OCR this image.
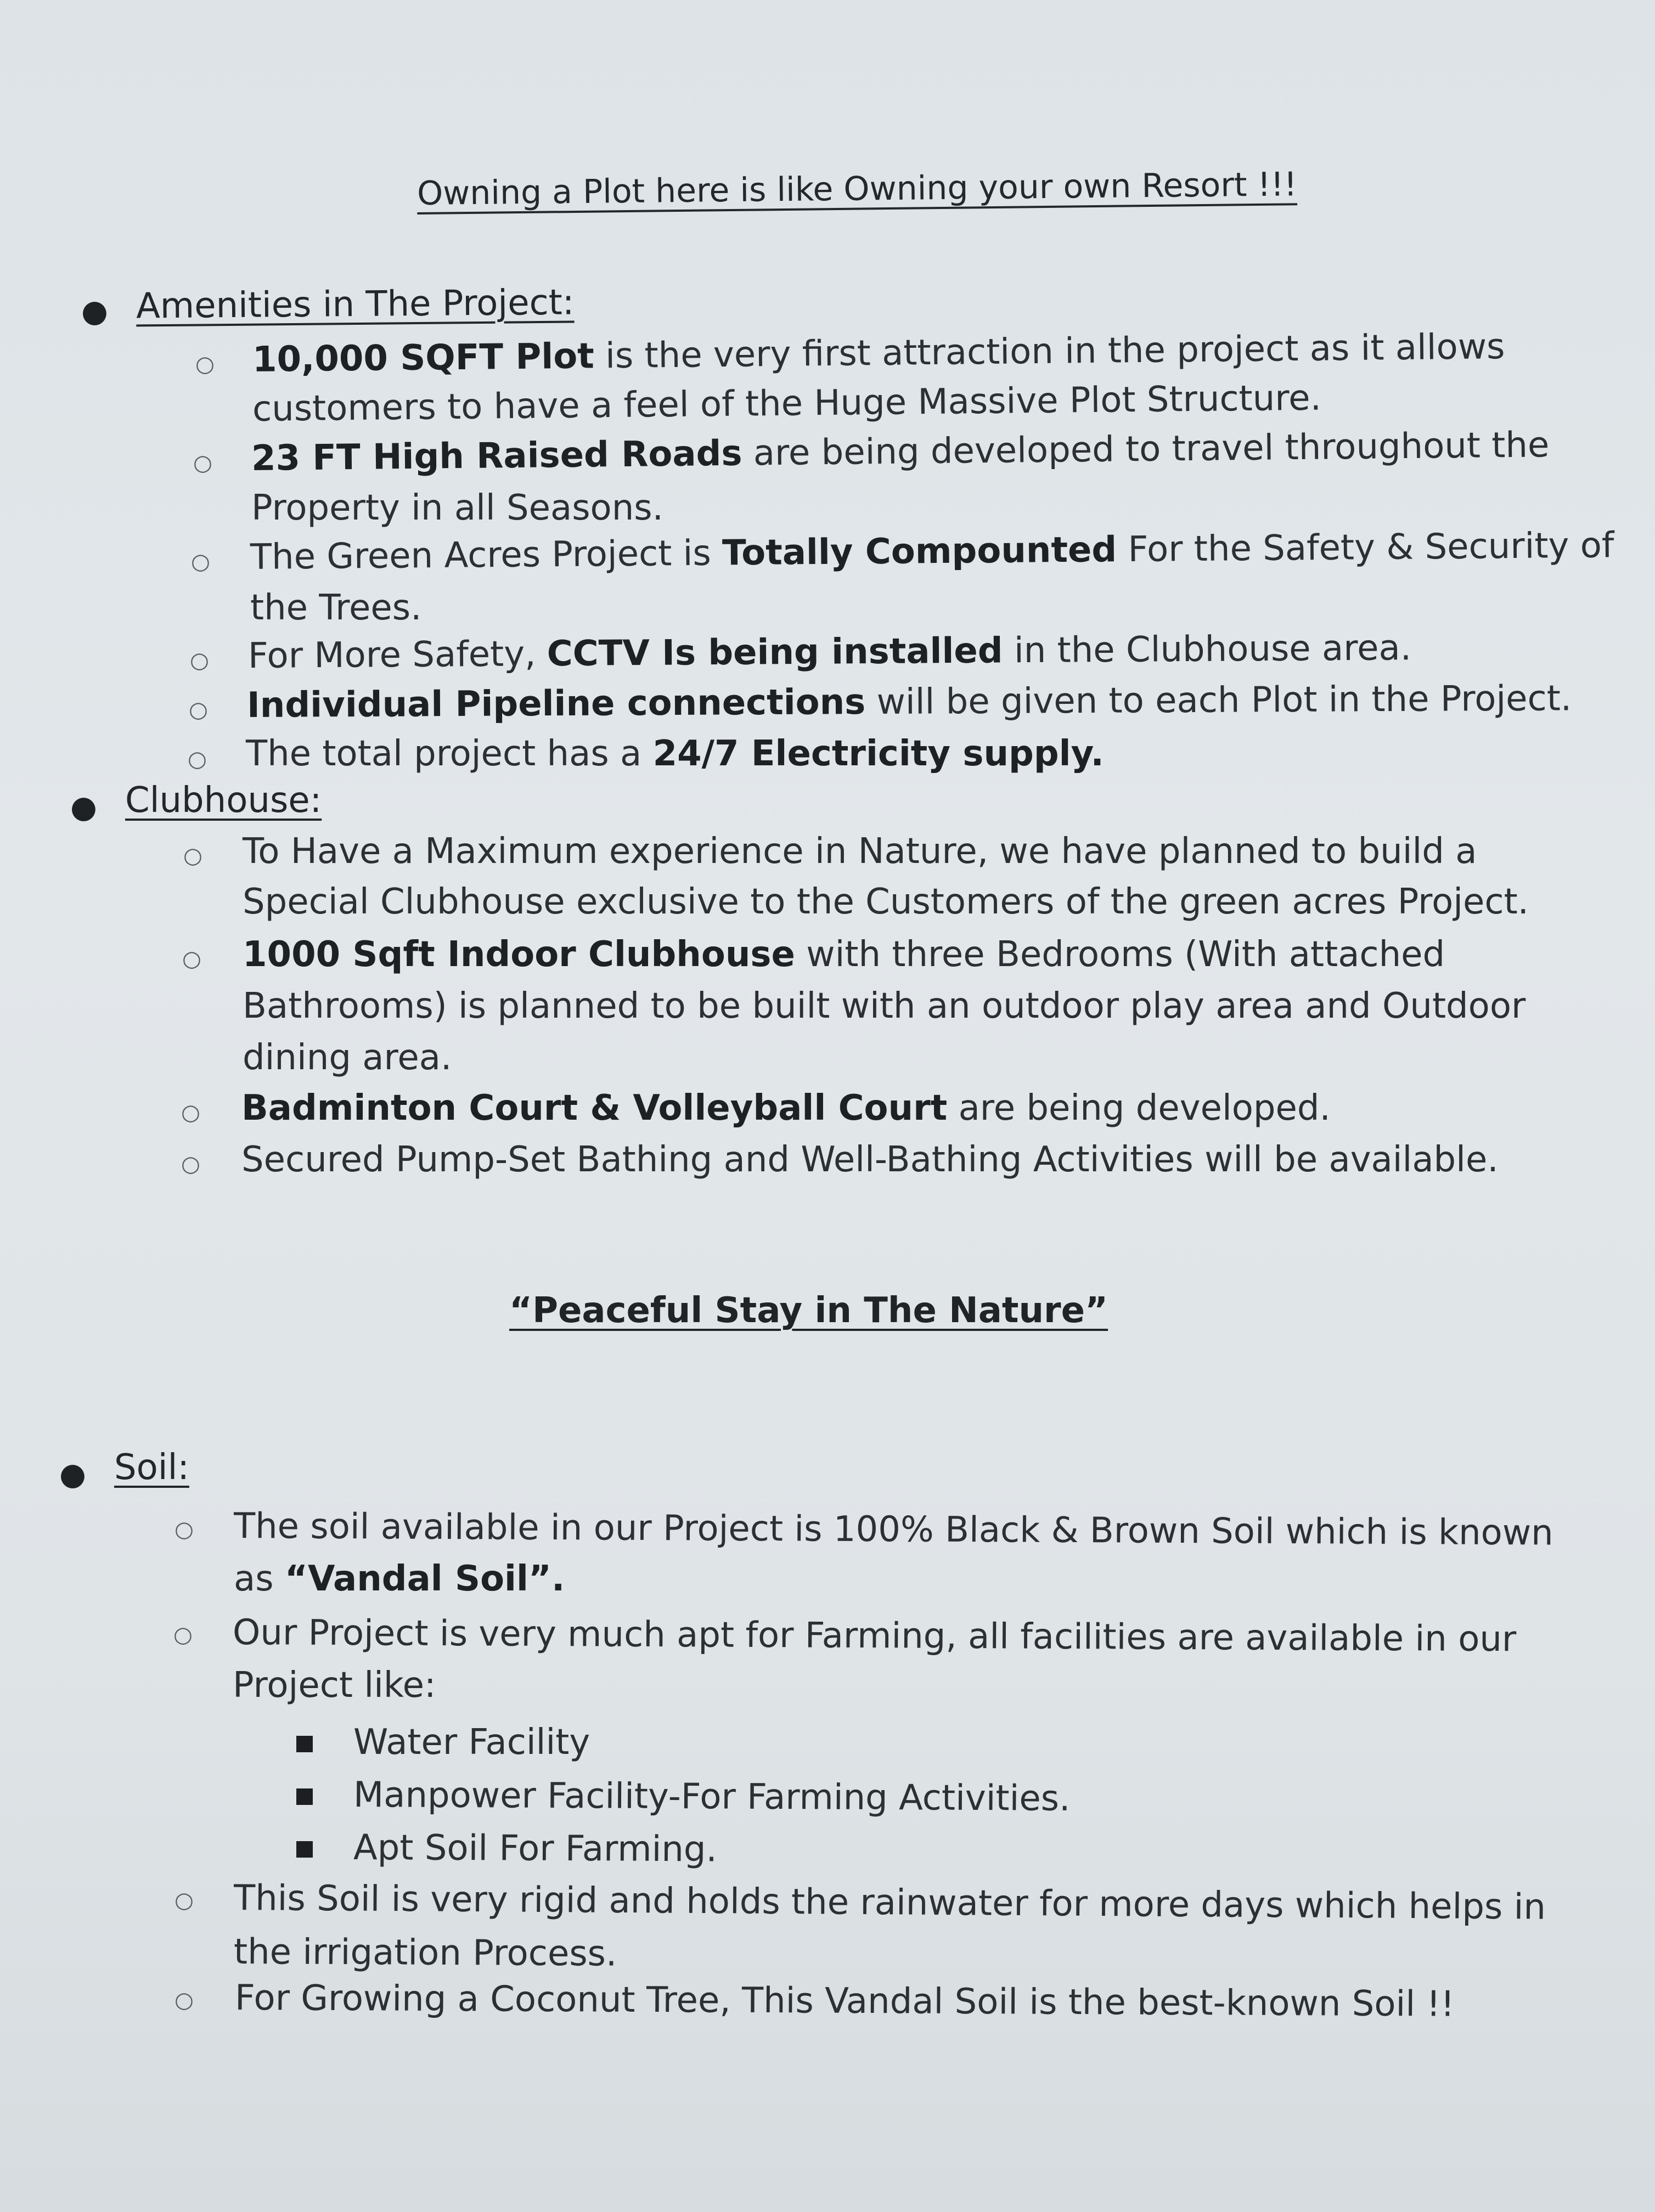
Owning a Plot here is like Owning your own Resort !!!
● Amenities in The Project:
○ 10,000 SQFT Plot is the very first attraction in the project as it allows
customers to have a feel of the Huge Massive Plot Structure.
○ 23 FT High Raised Roads are being developed to travel throughout the
Property in all Seasons.
○ The Green Acres Project is Totally Compounted For the Safety & Security of
the Trees.
○ For More Safety, CCTV Is being installed in the Clubhouse area.
○ Individual Pipeline connections will be given to each Plot in the Project.
○ The total project has a 24/7 Electricity supply.
● Clubhouse:
○ To Have a Maximum experience in Nature, we have planned to build a
Special Clubhouse exclusive to the Customers of the green acres Project.
○ 1000 Sqft Indoor Clubhouse with three Bedrooms (With attached
Bathrooms) is planned to be built with an outdoor play area and Outdoor
dining area.
○ Badminton Court & Volleyball Court are being developed.
○ Secured Pump-Set Bathing and Well-Bathing Activities will be available.
“Peaceful Stay in The Nature”
● Soil:
○ The soil available in our Project is 100% Black & Brown Soil which is known
as “Vandal Soil”.
○ Our Project is very much apt for Farming, all facilities are available in our
Project like:
Water Facility
Manpower Facility-For Farming Activities.
Apt Soil For Farming.
○ This Soil is very rigid and holds the rainwater for more days which helps in
the irrigation Process.
○ For Growing a Coconut Tree, This Vandal Soil is the best-known Soil !!
